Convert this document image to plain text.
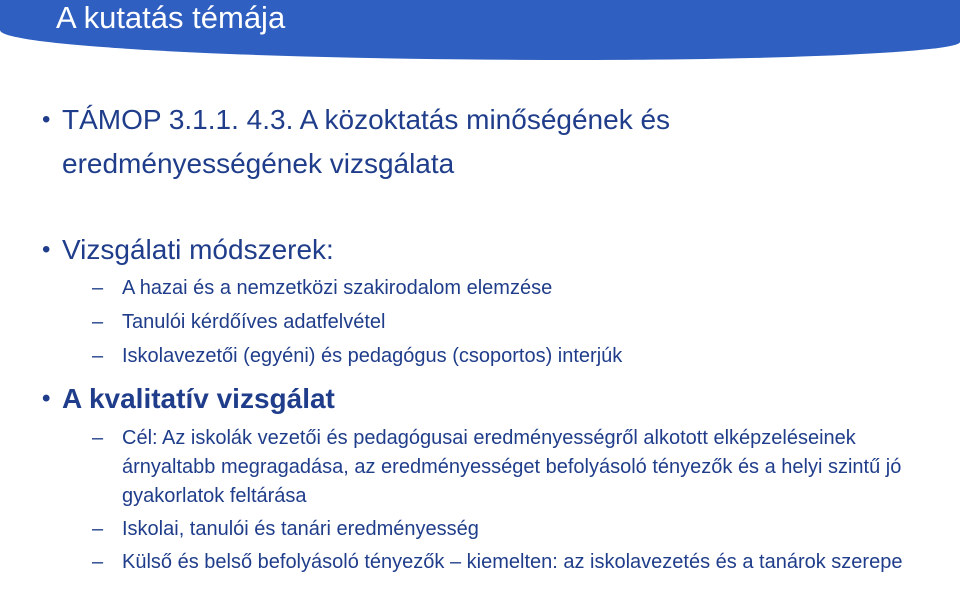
A kutatás témája
• TÁMOP 3.1.1. 4.3. A közoktatás minőségének és eredményességének vizsgálata
• Vizsgálati módszerek:
– A hazai és a nemzetközi szakirodalom elemzése
– Tanulói kérdőíves adatfelvétel
– Iskolavezetői (egyéni) és pedagógus (csoportos) interjúk
• A kvalitatív vizsgálat
– Cél: Az iskolák vezetői és pedagógusai eredményességről alkotott elképzeléseinek árnyaltabb megragadása, az eredményességet befolyásoló tényezők és a helyi szintű jó gyakorlatok feltárása
– Iskolai, tanulói és tanári eredményesség
– Külső és belső befolyásoló tényezők – kiemelten: az iskolavezetés és a tanárok szerepe
